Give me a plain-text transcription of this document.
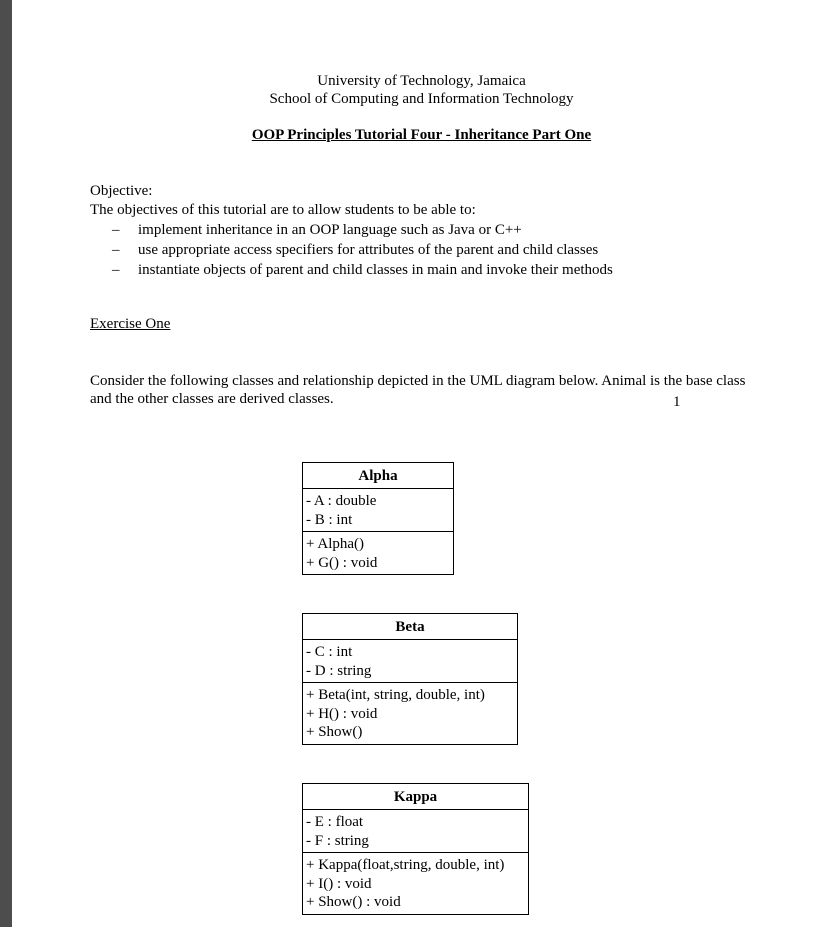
University of Technology, Jamaica
School of Computing and Information Technology
OOP Principles Tutorial Four - Inheritance Part One
Objective:
The objectives of this tutorial are to allow students to be able to:
– implement inheritance in an OOP language such as Java or C++
– use appropriate access specifiers for attributes of the parent and child classes
– instantiate objects of parent and child classes in main and invoke their methods
Exercise One
Consider the following classes and relationship depicted in the UML diagram below. Animal is the base class and the other classes are derived classes.	1
Alpha
- A : double
- B : int
+ Alpha()
+ G() : void
Beta
- C : int
- D : string
+ Beta(int, string, double, int)
+ H() : void
+ Show()
Kappa
- E : float
- F : string
+ Kappa(float,string, double, int)
+ I() : void
+ Show() : void
